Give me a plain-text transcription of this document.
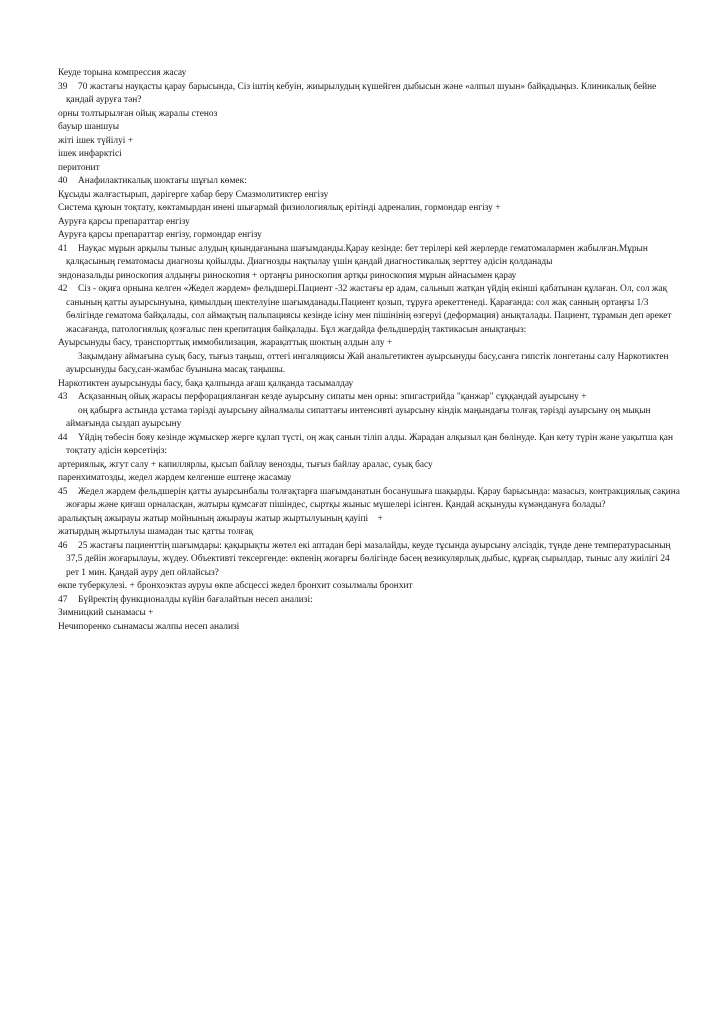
Кеуде торына компрессия жасау
39 70 жастағы науқасты қарау барысында, Сіз іштің кебуін, жиырылудың күшейген дыбысын және «алпыл шуын» байқадыңыз. Клиникалық бейне қандай ауруға тән?
орны толтырылған ойық жаралы стеноз
бауыр шаншуы
жіті ішек түйілуі +
ішек инфарктісі
перитонит
40 Анафилактикалық шоктағы шұғыл көмек:
Құсыды жалғастырып, дәрігерге хабар беру Смазмолитиктер енгізу
Система құюын тоқтату, көктамырдан инені шығармай физиологиялық ерітінді адреналин, гормондар енгізу +
Ауруға қарсы препараттар енгізу
Ауруға қарсы препараттар енгізу, гормондар енгізу
41 Науқас мұрын арқылы тыныс алудың қиындағанына шағымданды.Қарау кезінде: бет терілері кей жерлерде гематомалармен жабылған.Мұрын қалқасының гематомасы диагнозы қойылды. Диагнозды нақтылау үшін қандай диагностикалық зерттеу әдісін қолданады
эндоназальды риноскопия алдыңғы риноскопия + ортаңғы риноскопия артқы риноскопия мұрын айнасымен қарау
42 Сіз - оқиға орнына келген «Жедел жәрдем» фельдшері.Пациент -32 жастағы ер адам, сальнып жатқан үйдің екінші қабатынан құлаған. Ол, сол жақ санының қатты ауырсынуына, қимылдың шектелуіне шағымданады.Пациент қозып, тұруға әрекеттенеді. Қарағанда: сол жақ санның ортаңғы 1/3 бөлігінде гематома байқалады, сол аймақтың пальпациясы кезінде ісіну мен пішінінің өзгеруі (деформация) анықталады. Пациент, тұрамын деп әрекет жасағанда, патологиялық қозғалыс пен крепитация байқалады. Бұл жағдайда фельдшердің тактикасын анықтаңыз:
Ауырсынуды басу, транспорттық иммобилизация, жарақаттық шоктың алдын алу +
Зақымдану аймағына суық басу, тығыз таңыш, оттегі ингаляциясы Жай анальгетиктен ауырсынуды басу,санға гипстік лонгетаны салу Наркотиктен ауырсынуды басу,сан-жамбас буынына масақ таңышы.
Наркотиктен ауырсынуды басу, бақа қалпында ағаш қалқанда тасымалдау
43 Асқазанның ойық жарасы перфорацияланған кезде ауырсыну сипаты мен орны: эпигастрийда "қанжар" сұққандай ауырсыну +
оң қабырға астында ұстама тәрізді ауырсыну айналмалы сипаттағы интенсивті ауырсыну кіндік маңындағы толғақ тәрізді ауырсыну оң мықын аймағында сыздап ауырсыну
44 Үйдің төбесін бояу кезінде жұмыскер жерге құлап түсті, оң жақ санын тіліп алды. Жарадан алқызыл қан бөлінуде. Қан кету түрін және уақытша қан тоқтату әдісін көрсетіңіз:
артериялық, жгут салу + капиллярлы, қысып байлау венозды, тығыз байлау аралас, суық басу
паренхиматозды, жедел жәрдем келгенше ештеңе жасамау
45 Жедел жәрдем фельдшерін қатты ауырсынбалы толғақтарға шағымданатын босанушыға шақырды. Қарау барысында: мазасыз, контракциялық сақина жоғары және қиғаш орналасқан, жатыры құмсағат пішіндес, сыртқы жыныс мүшелері ісінген. Қандай асқынуды күмәндануға болады?
аралықтың ажырауы жатыр мойнының ажырауы жатыр жыртылуының қауіпі    +
жатырдың жыртылуы шамадан тыс қатты толғақ
46 25 жастағы пациенттің шағымдары: қақырықты жөтел екі аптадан бері мазалайды, кеуде тұсында ауырсыну әлсіздік, түнде дене температурасының 37,5 дейін жоғарылауы, жүдеу. Объективті тексергенде: өкпенің жоғарғы бөлігінде бәсең везикулярлық дыбыс, құрғақ сырылдар, тыныс алу жиілігі 24 рет 1 мин. Қандай ауру деп ойлайсыз?
өкпе туберкулезі. + бронхоэктаз ауруы өкпе абсцессі жедел бронхит созылмалы бронхит
47 Бүйректің функционалды күйін бағалайтын несеп анализі:
Зимницкий сынамасы +
Нечипоренко сынамасы жалпы несеп анализі
